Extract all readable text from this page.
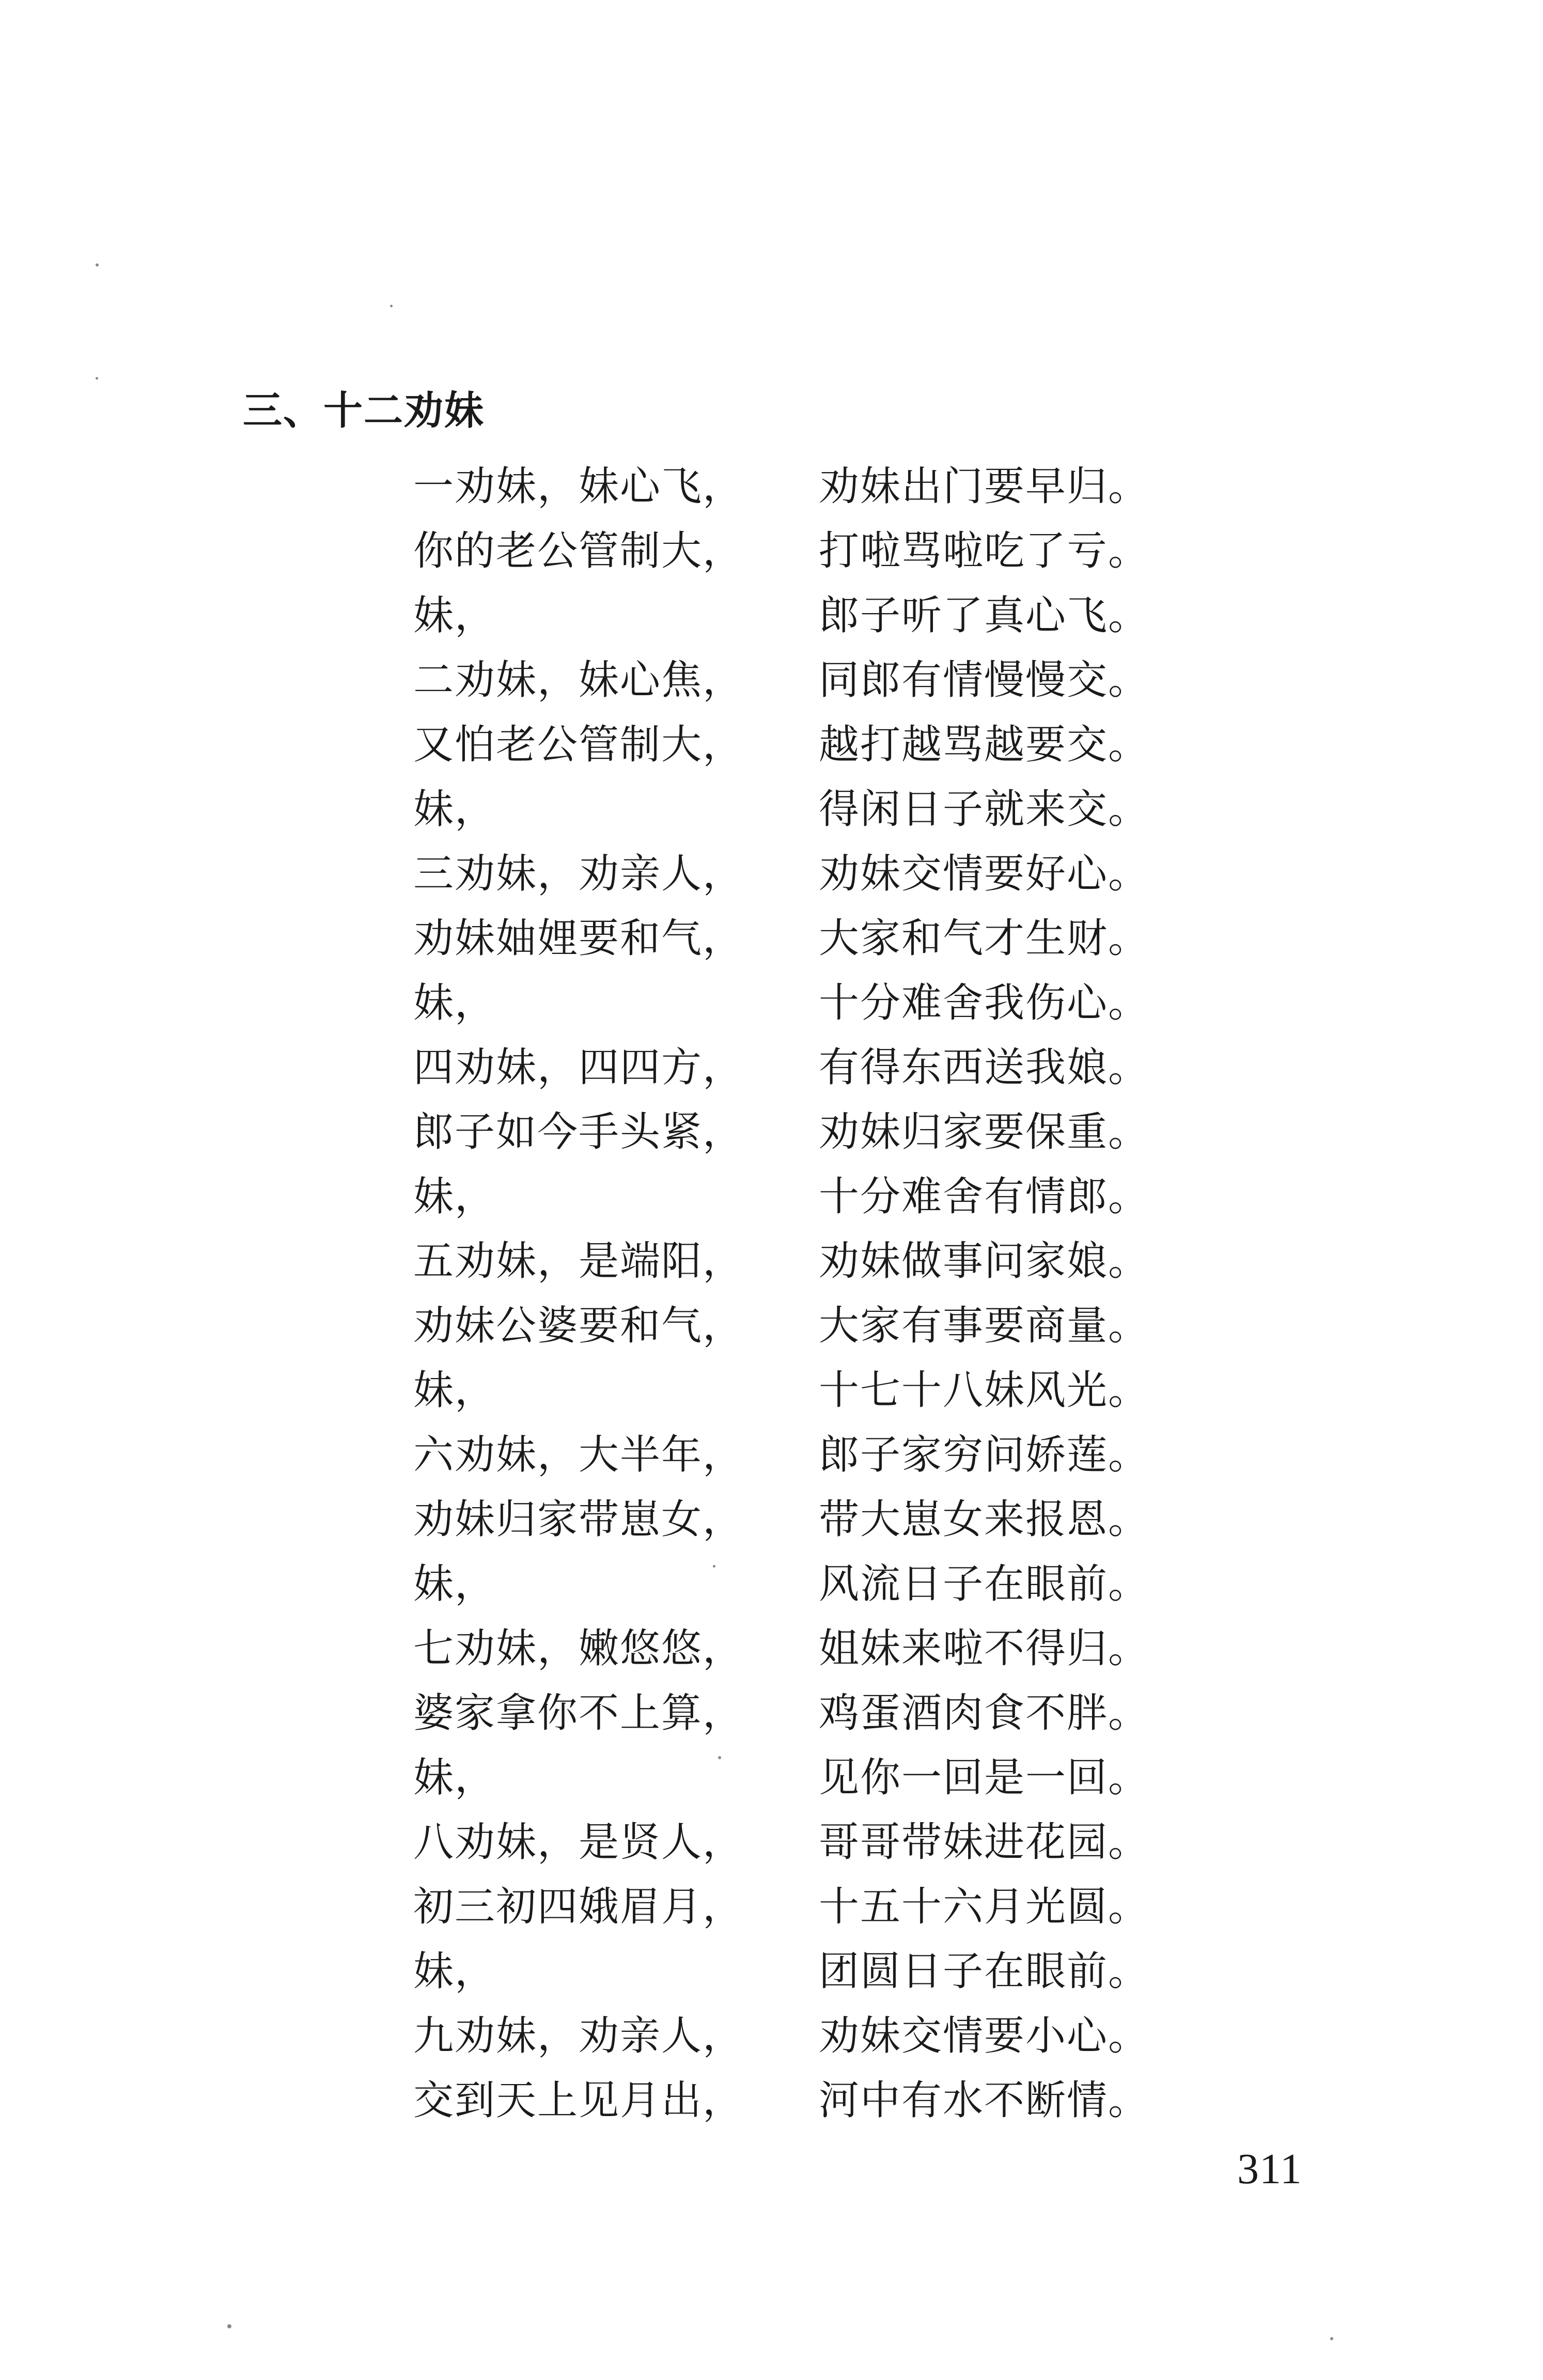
三、十二劝妹
一劝妹，妹心飞， 劝妹出门要早归。
你的老公管制大， 打啦骂啦吃了亏。
妹，	郎子听了真心飞。
二劝妹，妹心焦， 同郎有情慢慢交。
又怕老公管制大， 越打越骂越要交。
妹，	得闲日子就来交。
三劝妹，劝亲人， 劝妹交情要好心。
劝妹妯娌要和气， 大家和气才生财。
妹，	十分难舍我伤心。
四劝妹，四四方， 有得东西送我娘。
郎子如今手头紧， 劝妹归家要保重。
妹，	十分难舍有情郎。
五劝妹，是端阳， 劝妹做事问家娘。
劝妹公婆要和气， 大家有事要商量。
妹，	十七十八妹风光。
六劝妹，大半年， 郎子家穷问娇莲。
劝妹归家带崽女， 带大崽女来报恩。
妹，	风流日子在眼前。
七劝妹，嫩悠悠， 姐妹来啦不得归。
婆家拿你不上算， 鸡蛋酒肉食不胖。
妹，	见你一回是一回。
八劝妹，是贤人， 哥哥带妹进花园。
初三初四娥眉月， 十五十六月光圆。
妹，	团圆日子在眼前。
九劝妹，劝亲人， 劝妹交情要小心。
交到天上见月出， 河中有水不断情。
311
